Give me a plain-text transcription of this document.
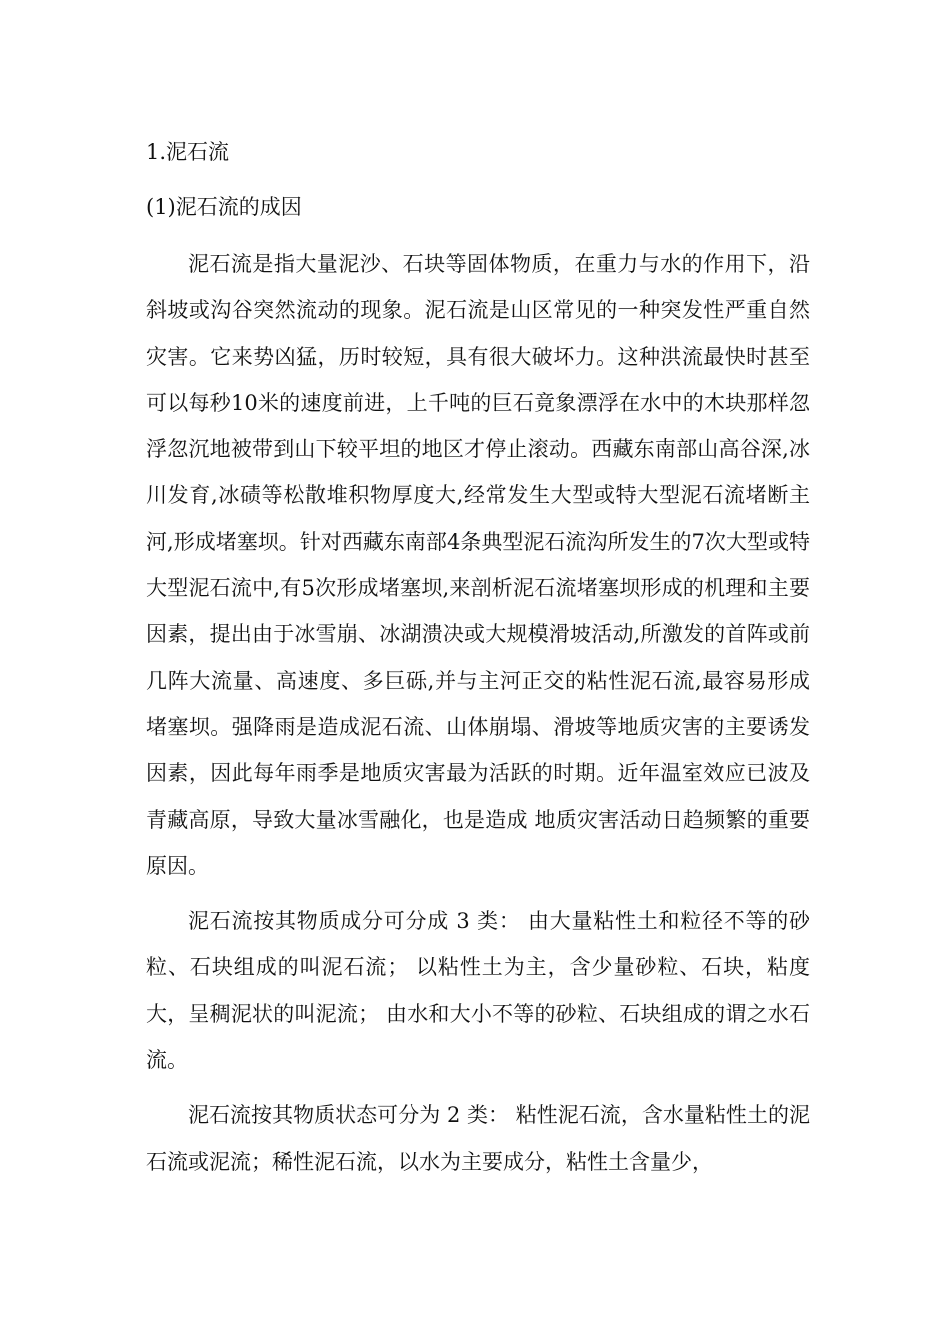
1.泥石流
(1)泥石流的成因

泥石流是指大量泥沙、石块等固体物质，在重力与水的作用下，沿斜坡或沟谷突然流动的现象。泥石流是山区常见的一种突发性严重自然灾害。它来势凶猛，历时较短，具有很大破坏力。这种洪流最快时甚至可以每秒10米的速度前进，上千吨的巨石竟象漂浮在水中的木块那样忽浮忽沉地被带到山下较平坦的地区才停止滚动。西藏东南部山高谷深,冰川发育,冰碛等松散堆积物厚度大,经常发生大型或特大型泥石流堵断主河,形成堵塞坝。针对西藏东南部4条典型泥石流沟所发生的7次大型或特大型泥石流中,有5次形成堵塞坝,来剖析泥石流堵塞坝形成的机理和主要因素，提出由于冰雪崩、冰湖溃决或大规模滑坡活动,所激发的首阵或前几阵大流量、高速度、多巨砾,并与主河正交的粘性泥石流,最容易形成堵塞坝。强降雨是造成泥石流、山体崩塌、滑坡等地质灾害的主要诱发因素，因此每年雨季是地质灾害最为活跃的时期。近年温室效应已波及青藏高原，导致大量冰雪融化，也是造成 地质灾害活动日趋频繁的重要原因。

泥石流按其物质成分可分成 3 类： 由大量粘性土和粒径不等的砂粒、石块组成的叫泥石流； 以粘性土为主，含少量砂粒、石块，粘度大，呈稠泥状的叫泥流； 由水和大小不等的砂粒、石块组成的谓之水石流。

泥石流按其物质状态可分为 2 类： 粘性泥石流，含水量粘性土的泥石流或泥流；稀性泥石流，以水为主要成分，粘性土含量少，
